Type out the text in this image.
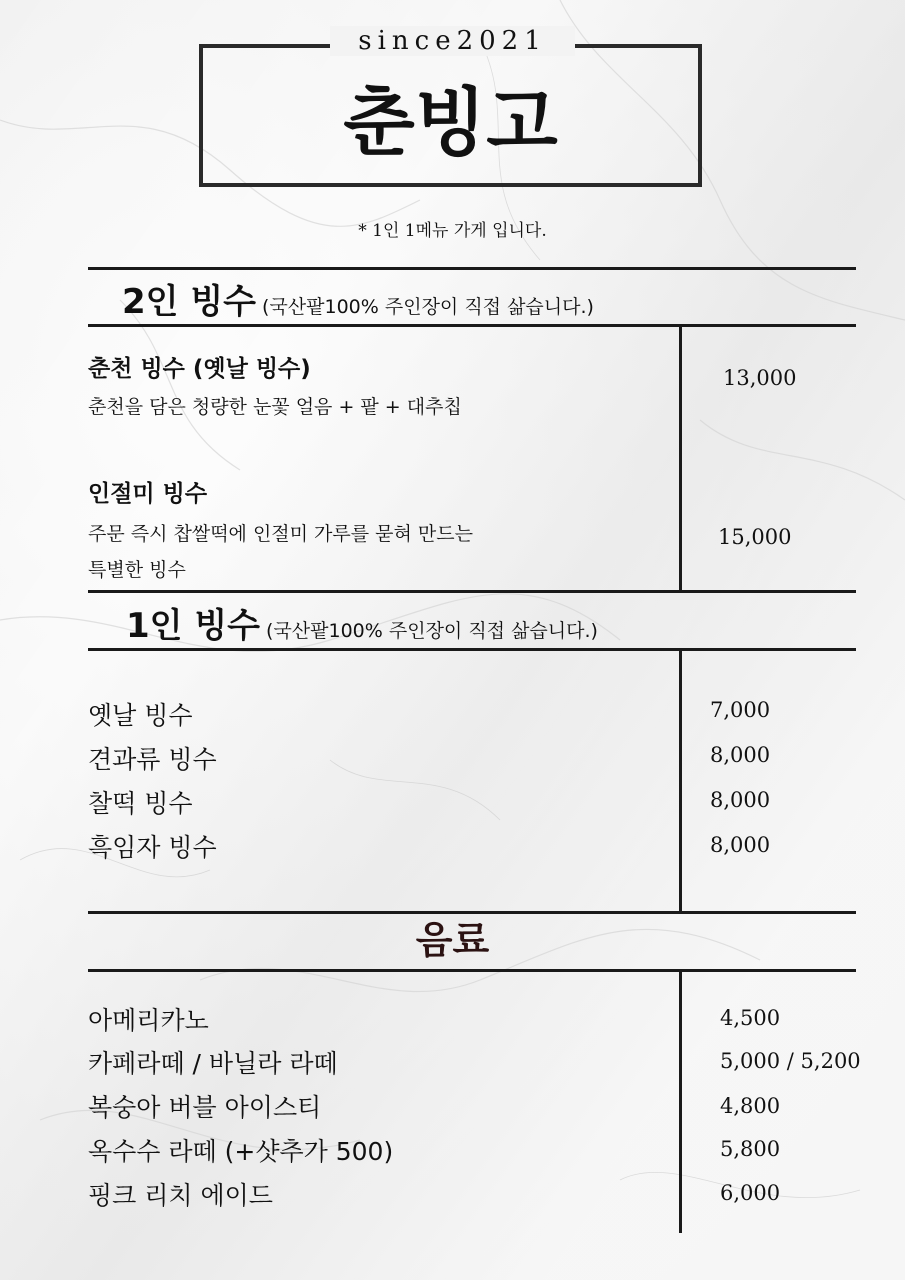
since2021
춘빙고
* 1인 1메뉴 가게 입니다.
2인 빙수 (국산팥100% 주인장이 직접 삶습니다.)
춘천 빙수 (옛날 빙수)
춘천을 담은 청량한 눈꽃 얼음 + 팥 + 대추칩
13,000
인절미 빙수
주문 즉시 찹쌀떡에 인절미 가루를 묻혀 만드는
특별한 빙수
15,000
1인 빙수 (국산팥100% 주인장이 직접 삶습니다.)
옛날 빙수	7,000
견과류 빙수	8,000
찰떡 빙수	8,000
흑임자 빙수	8,000
음료
아메리카노	4,500
카페라떼 / 바닐라 라떼	5,000 / 5,200
복숭아 버블 아이스티	4,800
옥수수 라떼 (+샷추가 500)	5,800
핑크 리치 에이드	6,000
